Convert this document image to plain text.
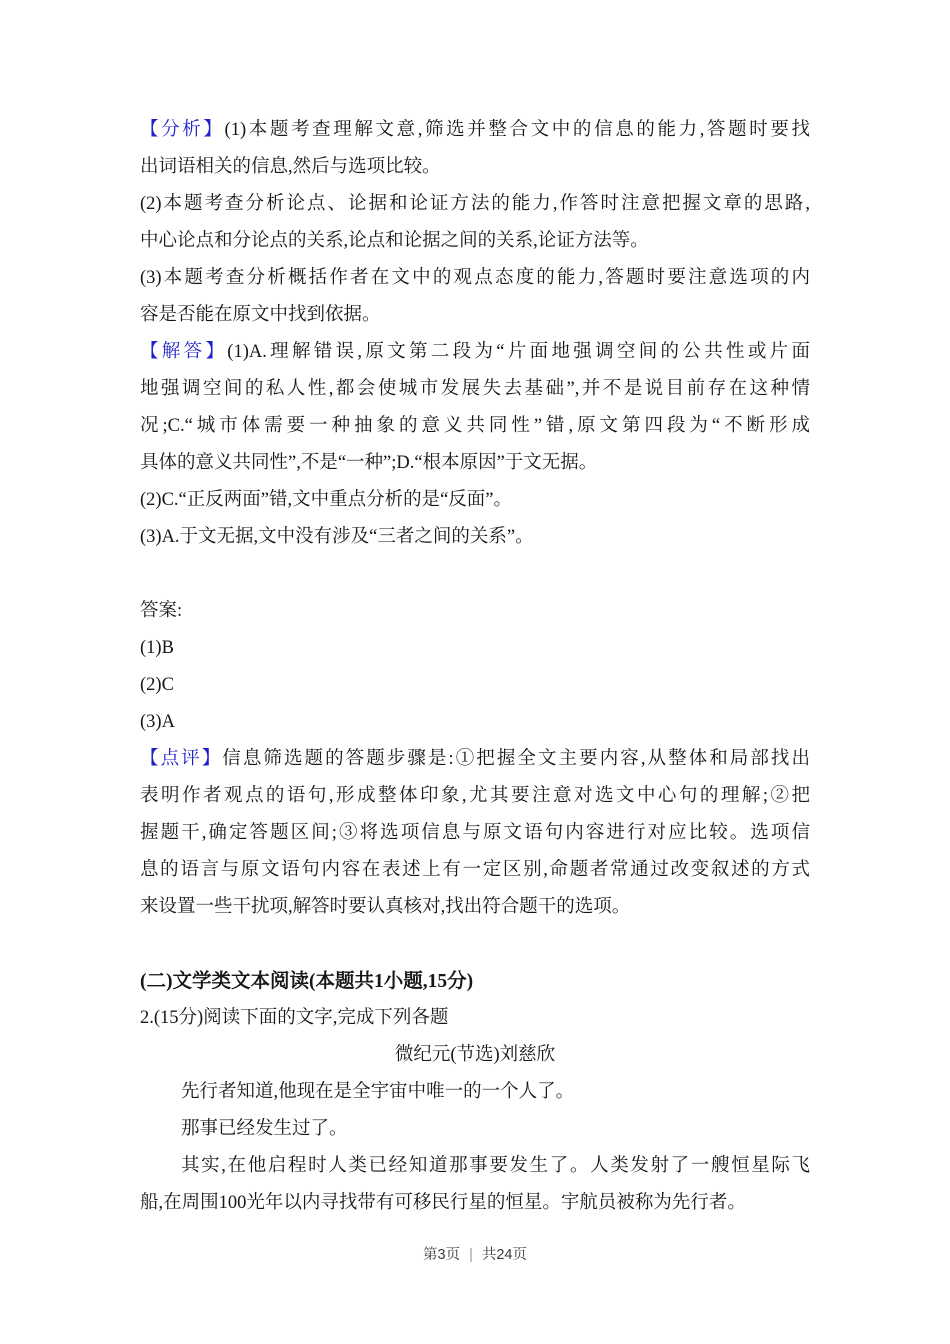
【分析】(1)本题考查理解文意,筛选并整合文中的信息的能力,答题时要找
出词语相关的信息,然后与选项比较。
(2)本题考查分析论点、论据和论证方法的能力,作答时注意把握文章的思路,
中心论点和分论点的关系,论点和论据之间的关系,论证方法等。
(3)本题考查分析概括作者在文中的观点态度的能力,答题时要注意选项的内
容是否能在原文中找到依据。
【解答】(1)A.理解错误,原文第二段为“片面地强调空间的公共性或片面
地强调空间的私人性,都会使城市发展失去基础”,并不是说目前存在这种情
况;C.“城市体需要一种抽象的意义共同性”错,原文第四段为“不断形成
具体的意义共同性”,不是“一种”;D.“根本原因”于文无据。
(2)C.“正反两面”错,文中重点分析的是“反面”。
(3)A.于文无据,文中没有涉及“三者之间的关系”。
答案:
(1)B
(2)C
(3)A
【点评】信息筛选题的答题步骤是:①把握全文主要内容,从整体和局部找出
表明作者观点的语句,形成整体印象,尤其要注意对选文中心句的理解;②把
握题干,确定答题区间;③将选项信息与原文语句内容进行对应比较。选项信
息的语言与原文语句内容在表述上有一定区别,命题者常通过改变叙述的方式
来设置一些干扰项,解答时要认真核对,找出符合题干的选项。
(二)文学类文本阅读(本题共1小题,15分)
2.(15分)阅读下面的文字,完成下列各题
微纪元(节选)刘慈欣
先行者知道,他现在是全宇宙中唯一的一个人了。
那事已经发生过了。
其实,在他启程时人类已经知道那事要发生了。人类发射了一艘恒星际飞
船,在周围100光年以内寻找带有可移民行星的恒星。宇航员被称为先行者。
第3页 | 共24页
